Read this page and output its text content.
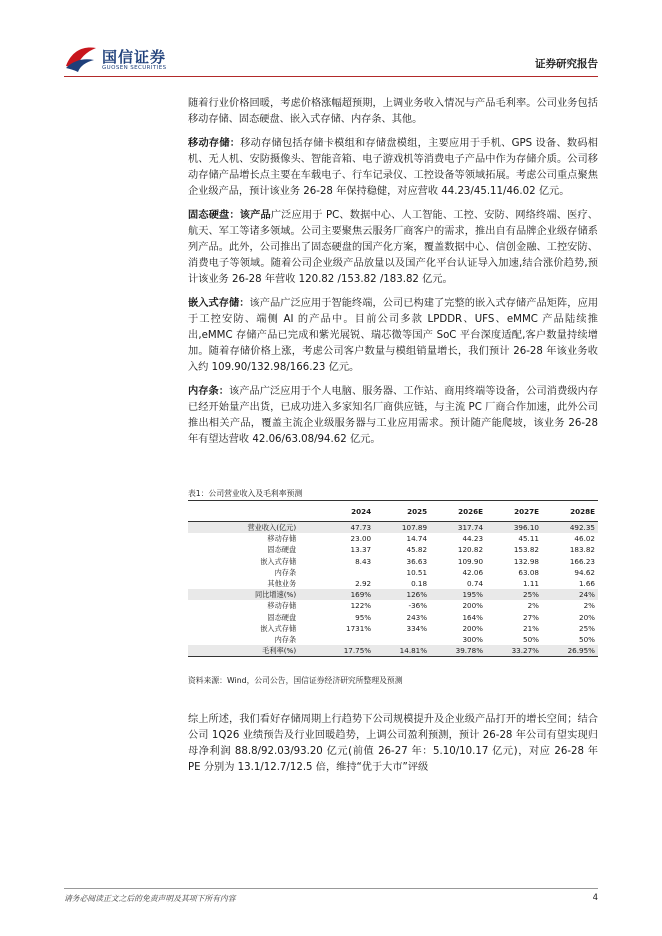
国信证券
GUOSEN SECURITIES	证券研究报告

随着行业价格回暖，考虑价格涨幅超预期，上调业务收入情况与产品毛利率。公司业务包括移动存储、固态硬盘、嵌入式存储、内存条、其他。

移动存储：移动存储包括存储卡模组和存储盘模组，主要应用于手机、GPS 设备、数码相机、无人机、安防摄像头、智能音箱、电子游戏机等消费电子产品中作为存储介质。公司移动存储产品增长点主要在车载电子、行车记录仪、工控设备等领域拓展。考虑公司重点聚焦企业级产品，预计该业务 26-28 年保持稳健，对应营收 44.23/45.11/46.02 亿元。

固态硬盘：该产品广泛应用于 PC、数据中心、人工智能、工控、安防、网络终端、医疗、航天、军工等诸多领域。公司主要聚焦云服务厂商客户的需求，推出自有品牌企业级存储系列产品。此外，公司推出了固态硬盘的国产化方案，覆盖数据中心、信创金融、工控安防、消费电子等领域。随着公司企业级产品放量以及国产化平台认证导入加速,结合涨价趋势,预计该业务 26-28 年营收 120.82 /153.82 /183.82 亿元。

嵌入式存储：该产品广泛应用于智能终端，公司已构建了完整的嵌入式存储产品矩阵，应用于工控安防、端侧 AI 的产品中。目前公司多款 LPDDR、UFS、eMMC 产品陆续推出,eMMC 存储产品已完成和紫光展锐、瑞芯微等国产 SoC 平台深度适配,客户数量持续增加。随着存储价格上涨，考虑公司客户数量与模组销量增长，我们预计 26-28 年该业务收入约 109.90/132.98/166.23 亿元。

内存条：该产品广泛应用于个人电脑、服务器、工作站、商用终端等设备，公司消费级内存已经开始量产出货，已成功进入多家知名厂商供应链，与主流 PC 厂商合作加速，此外公司推出相关产品，覆盖主流企业级服务器与工业应用需求。预计随产能爬坡，该业务 26-28 年有望达营收 42.06/63.08/94.62 亿元。

表1：公司营业收入及毛利率预测
	2024	2025	2026E	2027E	2028E
营业收入(亿元)	47.73	107.89	317.74	396.10	492.35
移动存储	23.00	14.74	44.23	45.11	46.02
固态硬盘	13.37	45.82	120.82	153.82	183.82
嵌入式存储	8.43	36.63	109.90	132.98	166.23
内存条		10.51	42.06	63.08	94.62
其他业务	2.92	0.18	0.74	1.11	1.66
同比增速(%)	169%	126%	195%	25%	24%
移动存储	122%	-36%	200%	2%	2%
固态硬盘	95%	243%	164%	27%	20%
嵌入式存储	1731%	334%	200%	21%	25%
内存条			300%	50%	50%
毛利率(%)	17.75%	14.81%	39.78%	33.27%	26.95%
资料来源：Wind，公司公告，国信证券经济研究所整理及预测

综上所述，我们看好存储周期上行趋势下公司规模提升及企业级产品打开的增长空间；结合公司 1Q26 业绩预告及行业回暖趋势，上调公司盈利预测，预计 26-28 年公司有望实现归母净利润 88.8/92.03/93.20 亿元(前值 26-27 年：5.10/10.17 亿元)，对应 26-28 年 PE 分别为 13.1/12.7/12.5 倍，维持“优于大市”评级

请务必阅读正文之后的免责声明及其项下所有内容	4
